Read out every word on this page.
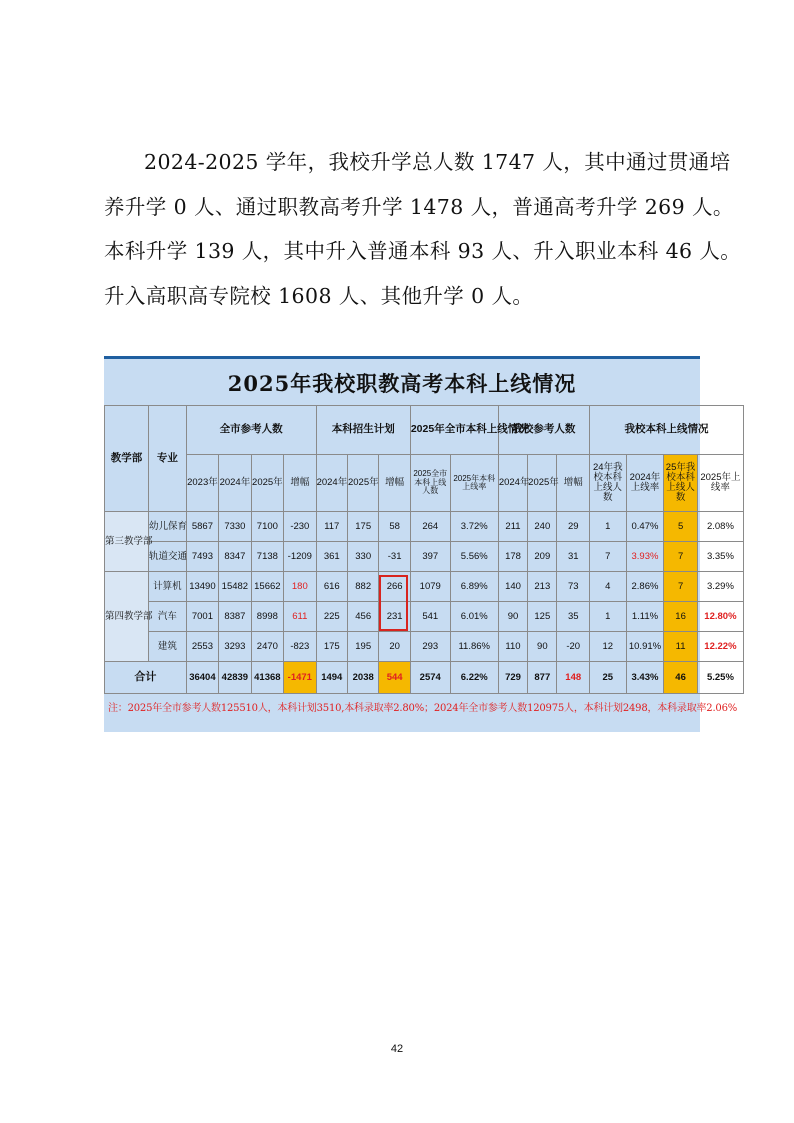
2024-2025 学年，我校升学总人数 1747 人，其中通过贯通培
养升学 0 人、通过职教高考升学 1478 人，普通高考升学 269 人。
本科升学 139 人，其中升入普通本科 93 人、升入职业本科 46 人。
升入高职高专院校 1608 人、其他升学 0 人。

2025年我校职教高考本科上线情况
教学部	专业	全市参考人数				本科招生计划			2025年全市本科上线情况		我校参考人数			我校本科上线情况			
		2023年	2024年	2025年	增幅	2024年	2025年	增幅	2025全市本科上线人数	2025年本科上线率	2024年	2025年	增幅	24年我校本科上线人数	2024年上线率	25年我校本科上线人数	2025年上线率
第三教学部	幼儿保育	5867	7330	7100	-230	117	175	58	264	3.72%	211	240	29	1	0.47%	5	2.08%
	轨道交通	7493	8347	7138	-1209	361	330	-31	397	5.56%	178	209	31	7	3.93%	7	3.35%
第四教学部	计算机	13490	15482	15662	180	616	882	266	1079	6.89%	140	213	73	4	2.86%	7	3.29%
	汽车	7001	8387	8998	611	225	456	231	541	6.01%	90	125	35	1	1.11%	16	12.80%
	建筑	2553	3293	2470	-823	175	195	20	293	11.86%	110	90	-20	12	10.91%	11	12.22%
合计		36404	42839	41368	-1471	1494	2038	544	2574	6.22%	729	877	148	25	3.43%	46	5.25%
注：2025年全市参考人数125510人，本科计划3510,本科录取率2.80%；2024年全市参考人数120975人，本科计划2498，本科录取率2.06%
42
